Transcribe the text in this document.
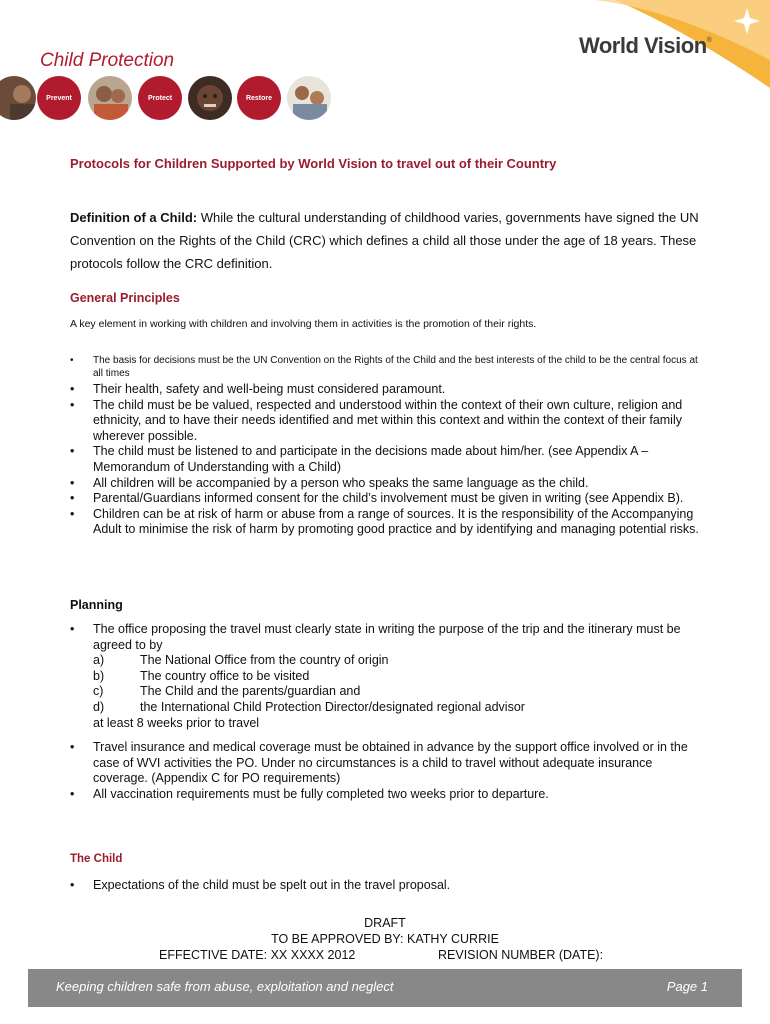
World Vision®
Child Protection
Prevent	Protect	Restore
Protocols for Children Supported by World Vision to travel out of their Country

Definition of a Child: While the cultural understanding of childhood varies, governments have signed the UN Convention on the Rights of the Child (CRC) which defines a child all those under the age of 18 years. These protocols follow the CRC definition.

General Principles
A key element in working with children and involving them in activities is the promotion of their rights.
• The basis for decisions must be the UN Convention on the Rights of the Child and the best interests of the child to be the central focus at all times
• Their health, safety and well-being must considered paramount.
• The child must be be valued, respected and understood within the context of their own culture, religion and ethnicity, and to have their needs identified and met within this context and within the context of their family wherever possible.
• The child must be listened to and participate in the decisions made about him/her. (see Appendix A – Memorandum of Understanding with a Child)
• All children will be accompanied by a person who speaks the same language as the child.
• Parental/Guardians informed consent for the child’s involvement must be given in writing (see Appendix B).
• Children can be at risk of harm or abuse from a range of sources. It is the responsibility of the Accompanying Adult to minimise the risk of harm by promoting good practice and by identifying and managing potential risks.
Planning
• The office proposing the travel must clearly state in writing the purpose of the trip and the itinerary must be agreed to by
a)	The National Office from the country of origin
b)	The country office to be visited
c)	The Child and the parents/guardian and
d)	the International Child Protection Director/designated regional advisor
at least 8 weeks prior to travel
• Travel insurance and medical coverage must be obtained in advance by the support office involved or in the case of WVI activities the PO. Under no circumstances is a child to travel without adequate insurance coverage. (Appendix C for PO requirements)
• All vaccination requirements must be fully completed two weeks prior to departure.
The Child
• Expectations of the child must be spelt out in the travel proposal.
DRAFT
TO BE APPROVED BY: KATHY CURRIE
EFFECTIVE DATE: XX XXXX 2012	REVISION NUMBER (DATE):
Keeping children safe from abuse, exploitation and neglect	Page 1
